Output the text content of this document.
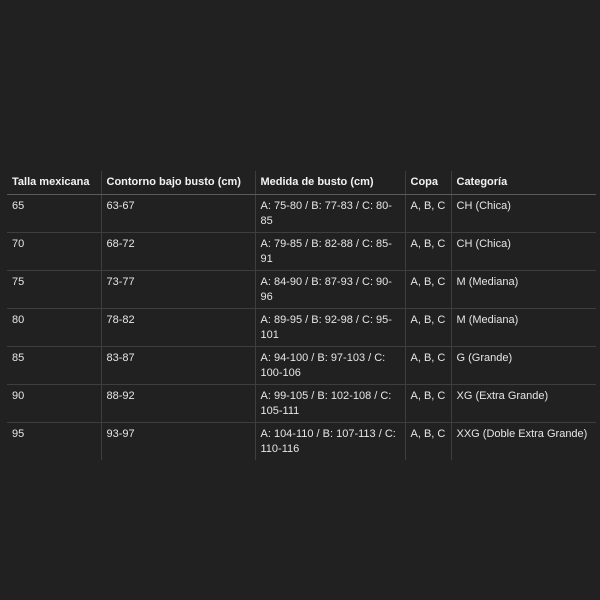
Talla mexicana	Contorno bajo busto (cm)	Medida de busto (cm)	Copa	Categoría
65	63-67	A: 75-80 / B: 77-83 / C: 80-85	A, B, C	CH (Chica)
70	68-72	A: 79-85 / B: 82-88 / C: 85-91	A, B, C	CH (Chica)
75	73-77	A: 84-90 / B: 87-93 / C: 90-96	A, B, C	M (Mediana)
80	78-82	A: 89-95 / B: 92-98 / C: 95-101	A, B, C	M (Mediana)
85	83-87	A: 94-100 / B: 97-103 / C: 100-106	A, B, C	G (Grande)
90	88-92	A: 99-105 / B: 102-108 / C: 105-111	A, B, C	XG (Extra Grande)
95	93-97	A: 104-110 / B: 107-113 / C: 110-116	A, B, C	XXG (Doble Extra Grande)
